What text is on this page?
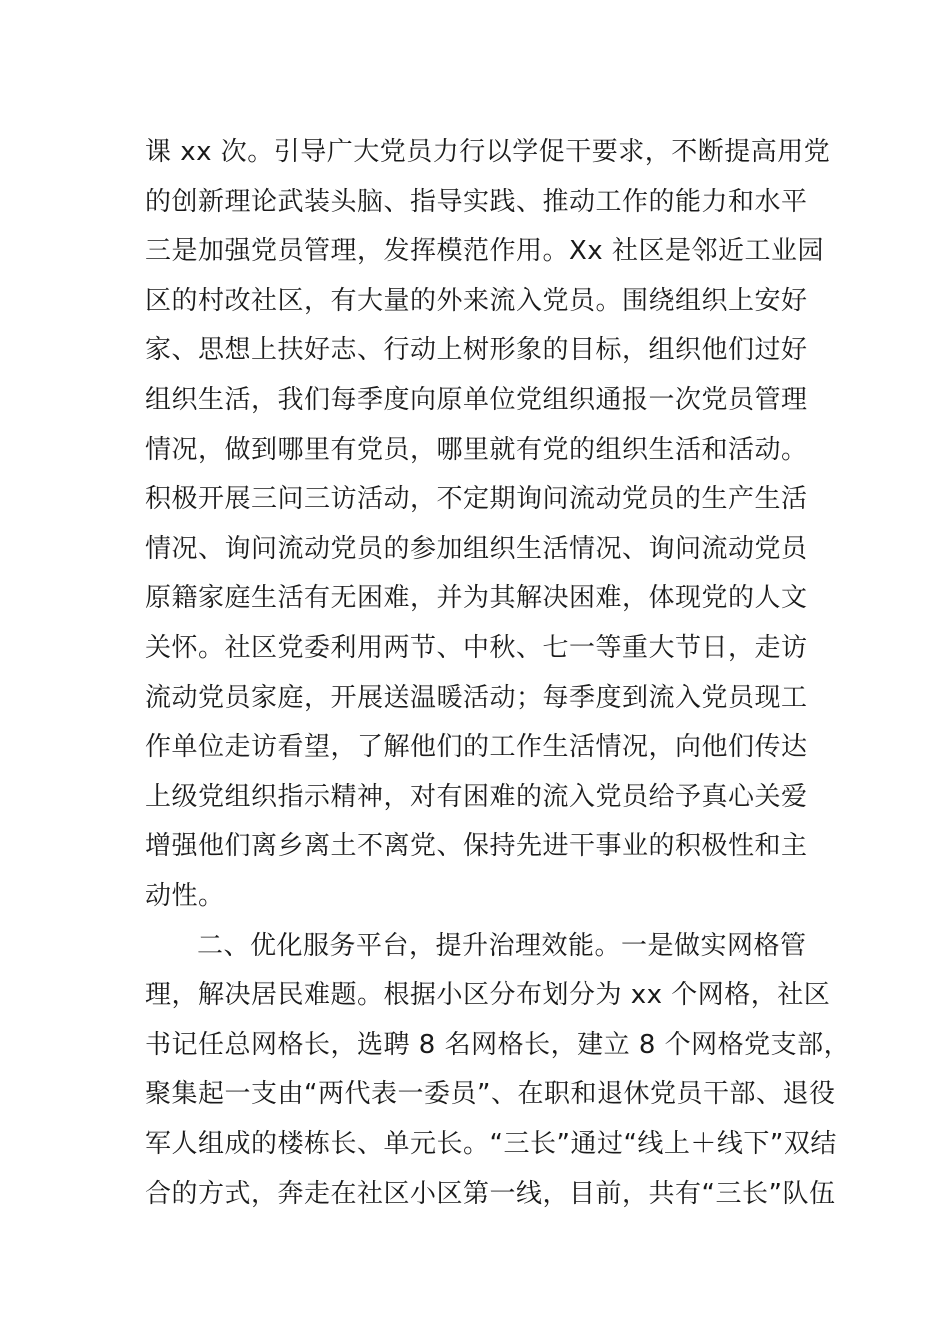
课 xx 次。引导广大党员力行以学促干要求，不断提高用党
的创新理论武装头脑、指导实践、推动工作的能力和水平
三是加强党员管理，发挥模范作用。Xx 社区是邻近工业园
区的村改社区，有大量的外来流入党员。围绕组织上安好
家、思想上扶好志、行动上树形象的目标，组织他们过好
组织生活，我们每季度向原单位党组织通报一次党员管理
情况，做到哪里有党员，哪里就有党的组织生活和活动。
积极开展三问三访活动，不定期询问流动党员的生产生活
情况、询问流动党员的参加组织生活情况、询问流动党员
原籍家庭生活有无困难，并为其解决困难，体现党的人文
关怀。社区党委利用两节、中秋、七一等重大节日，走访
流动党员家庭，开展送温暖活动；每季度到流入党员现工
作单位走访看望，了解他们的工作生活情况，向他们传达
上级党组织指示精神，对有困难的流入党员给予真心关爱
增强他们离乡离土不离党、保持先进干事业的积极性和主
动性。
二、优化服务平台，提升治理效能。一是做实网格管
理，解决居民难题。根据小区分布划分为 xx 个网格，社区
书记任总网格长，选聘 8 名网格长，建立 8 个网格党支部，
聚集起一支由“两代表一委员”、在职和退休党员干部、退役
军人组成的楼栋长、单元长。“三长”通过“线上＋线下”双结
合的方式，奔走在社区小区第一线，目前，共有“三长”队伍
